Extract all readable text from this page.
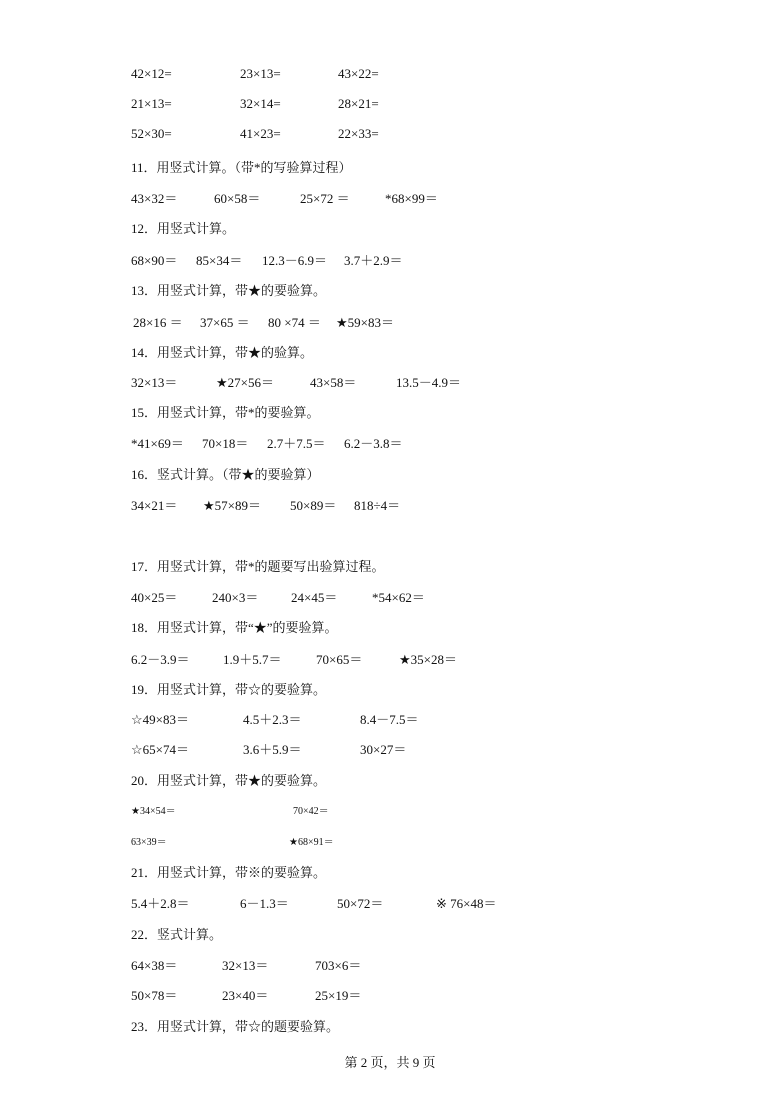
42×12=	23×13=	43×22=
21×13=	32×14=	28×21=
52×30=	41×23=	22×33=
11．用竖式计算。（带*的写验算过程）
43×32＝	60×58＝	25×72 ＝	*68×99＝
12．用竖式计算。
68×90＝ 85×34＝ 12.3－6.9＝ 3.7＋2.9＝
13．用竖式计算，带★的要验算。
28×16 ＝ 37×65 ＝ 80 ×74 ＝ ★59×83＝
14．用竖式计算，带★的验算。
32×13＝	★27×56＝	43×58＝	13.5－4.9＝
15．用竖式计算，带*的要验算。
*41×69＝ 70×18＝ 2.7＋7.5＝ 6.2－3.8＝
16．竖式计算。（带★的要验算）
34×21＝ ★57×89＝ 50×89＝ 818÷4＝
17．用竖式计算，带*的题要写出验算过程。
40×25＝	240×3＝	24×45＝	*54×62＝
18．用竖式计算，带“★”的要验算。
6.2－3.9＝	1.9＋5.7＝	70×65＝	★35×28＝
19．用竖式计算，带☆的要验算。
☆49×83＝	4.5＋2.3＝	8.4－7.5＝
☆65×74＝	3.6＋5.9＝	30×27＝
20．用竖式计算，带★的要验算。
★34×54＝	70×42＝
63×39＝	★68×91＝
21．用竖式计算，带※的要验算。
5.4＋2.8＝	6－1.3＝	50×72＝	※ 76×48＝
22．竖式计算。
64×38＝	32×13＝	703×6＝
50×78＝	23×40＝	25×19＝
23．用竖式计算，带☆的题要验算。
第 2 页，共 9 页
